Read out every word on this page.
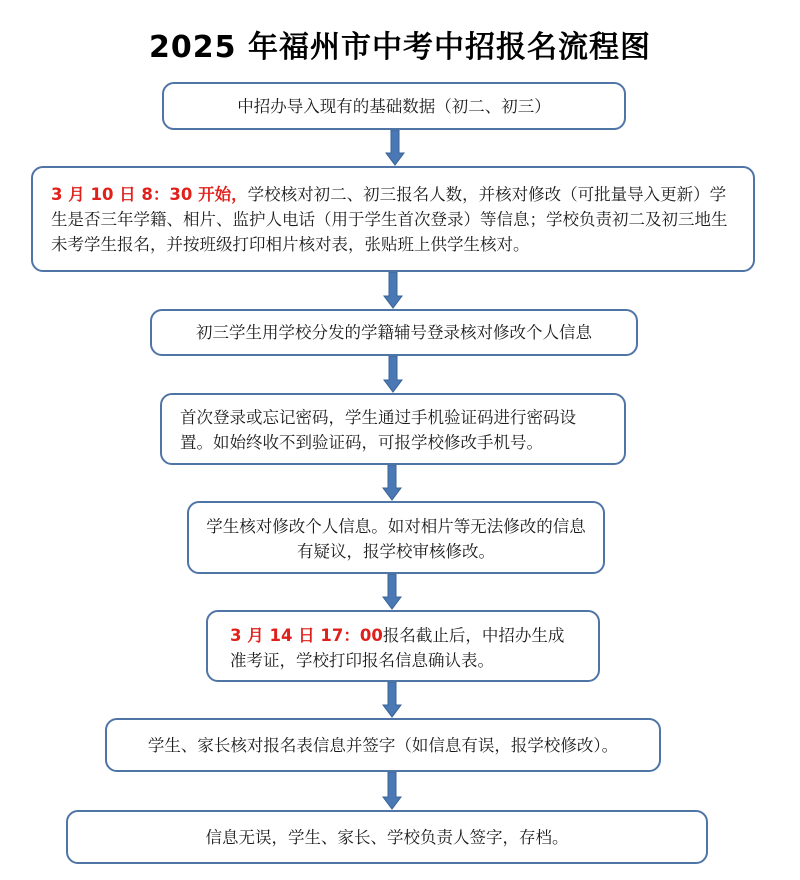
2025 年福州市中考中招报名流程图
中招办导入现有的基础数据（初二、初三）
3 月 10 日 8：30 开始，学校核对初二、初三报名人数，并核对修改（可批量导入更新）学生是否三年学籍、相片、监护人电话（用于学生首次登录）等信息；学校负责初二及初三地生未考学生报名，并按班级打印相片核对表，张贴班上供学生核对。
初三学生用学校分发的学籍辅号登录核对修改个人信息
首次登录或忘记密码，学生通过手机验证码进行密码设置。如始终收不到验证码，可报学校修改手机号。
学生核对修改个人信息。如对相片等无法修改的信息有疑议，报学校审核修改。
3 月 14 日 17：00报名截止后，中招办生成准考证，学校打印报名信息确认表。
学生、家长核对报名表信息并签字（如信息有误，报学校修改）。
信息无误，学生、家长、学校负责人签字，存档。
